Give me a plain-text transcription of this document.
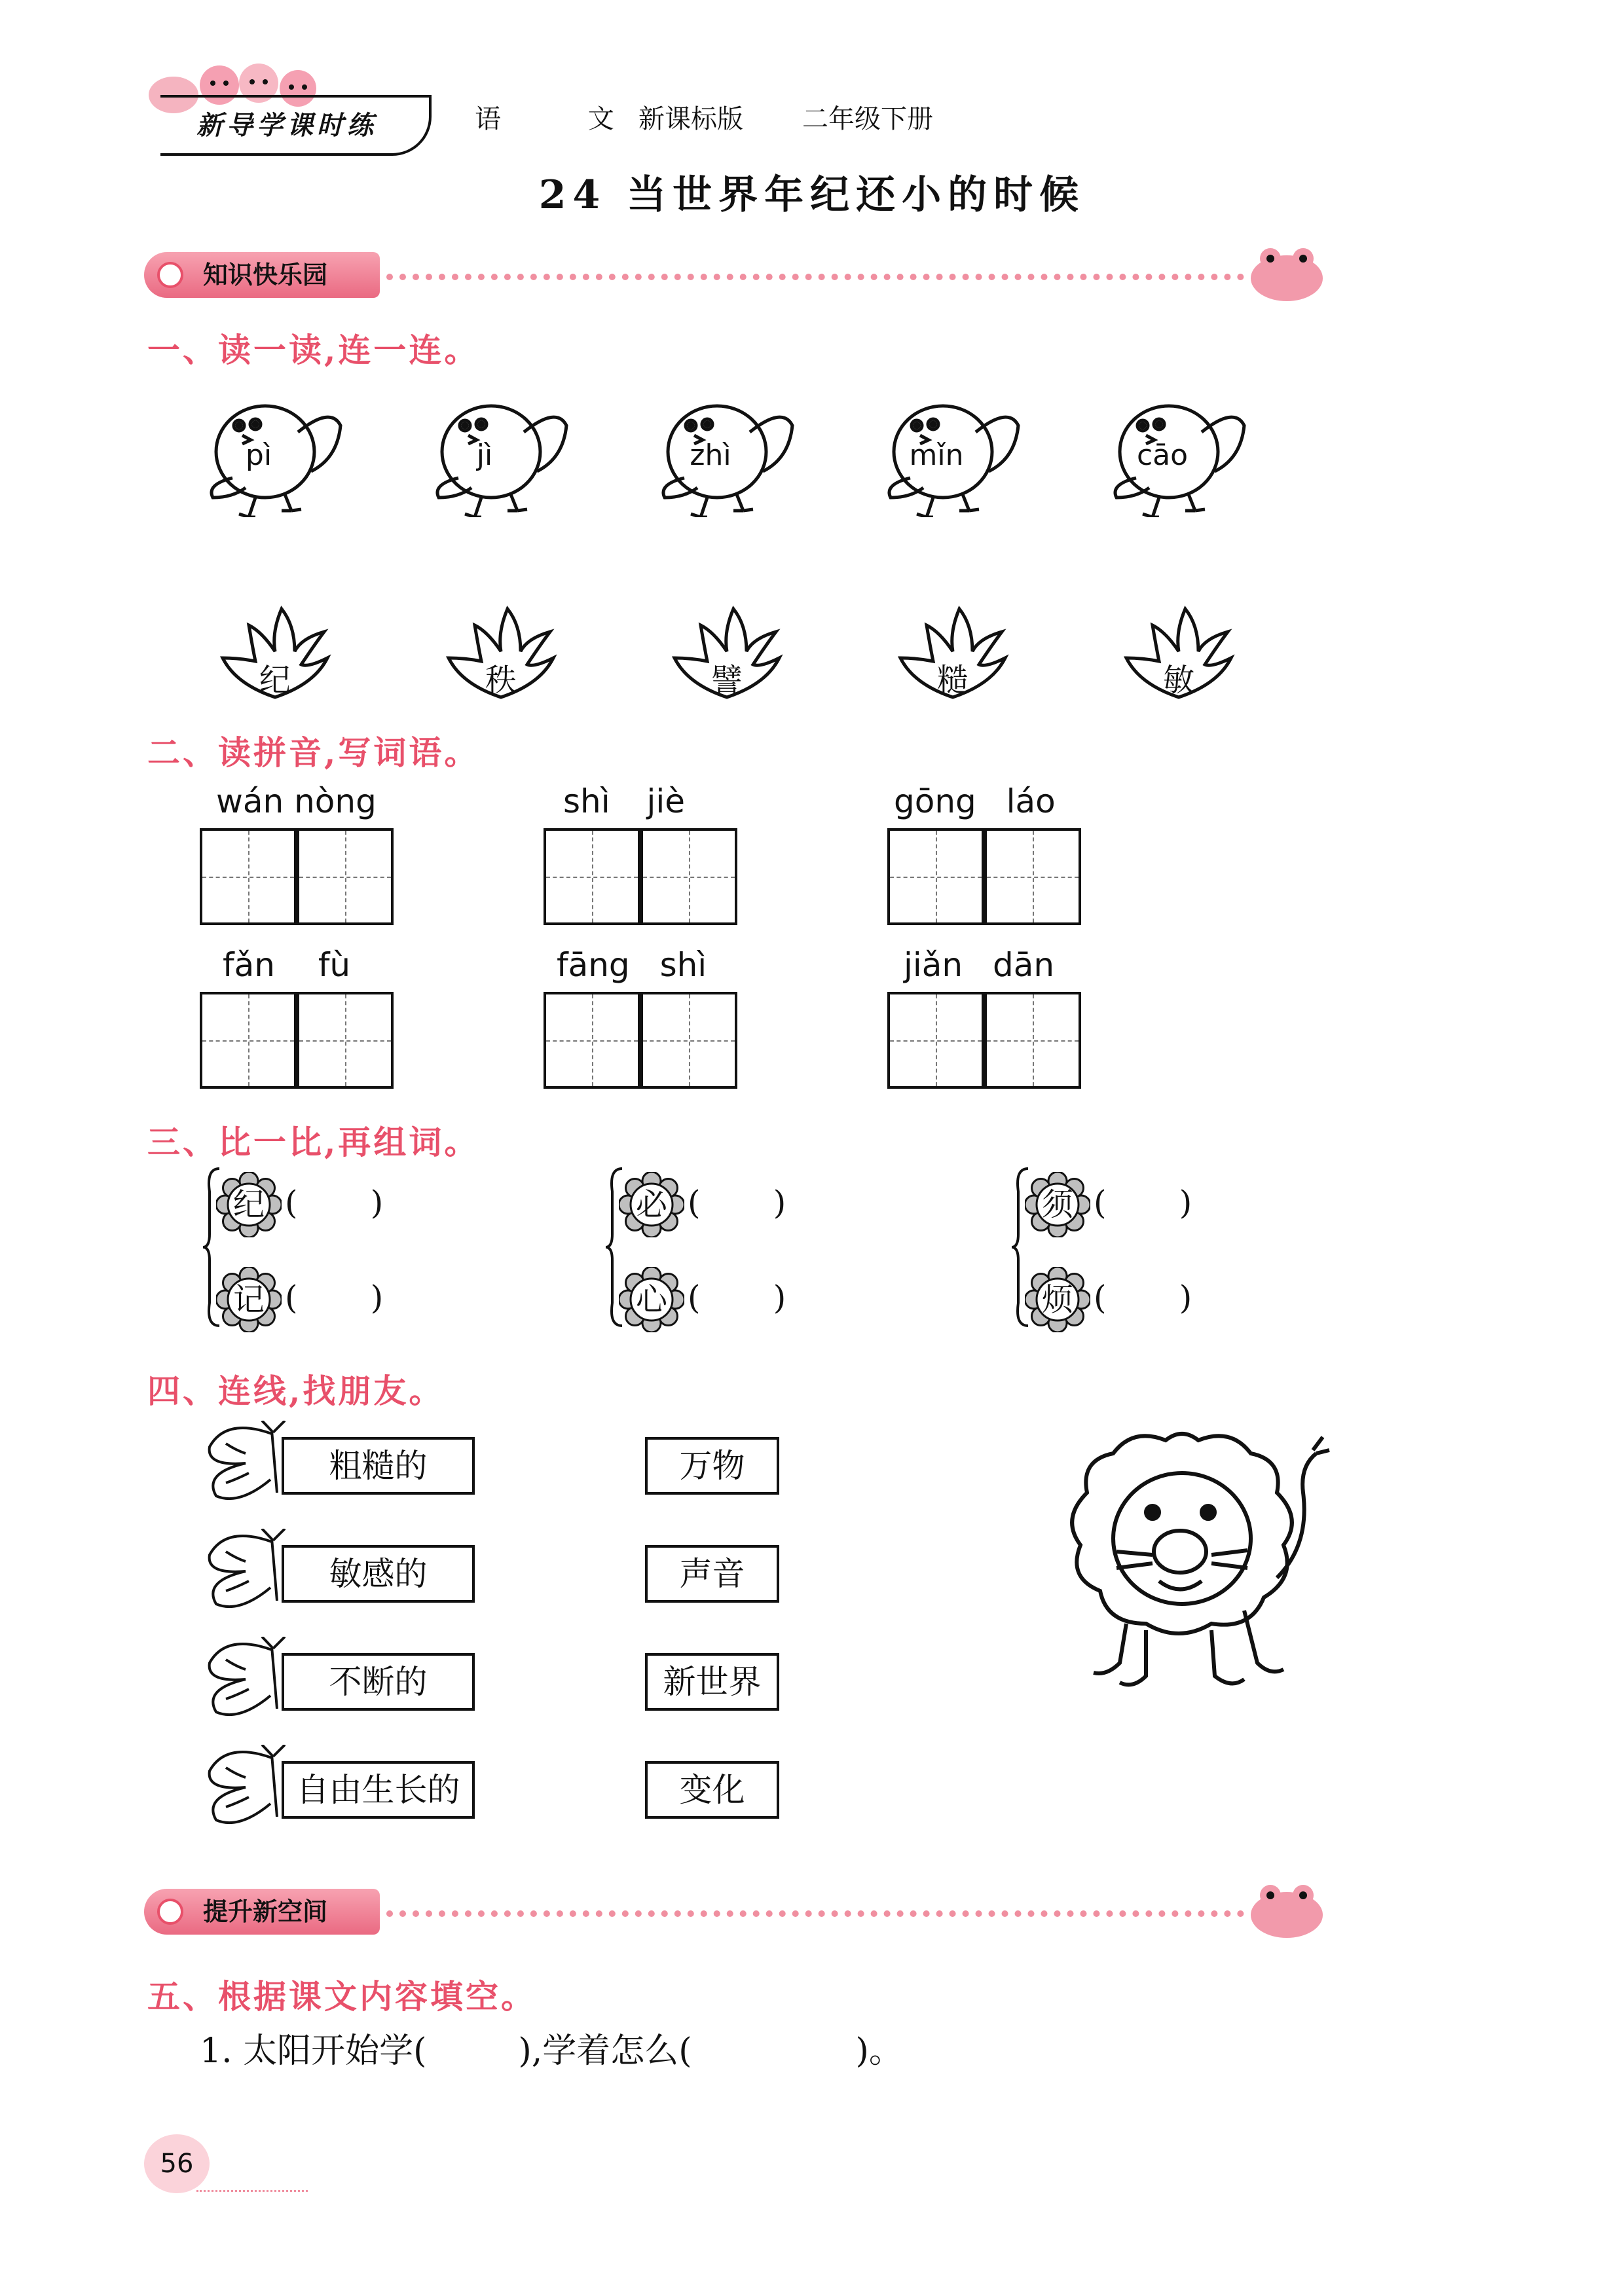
新导学课时练	语 文
新课标版 二年级下册
24 当世界年纪还小的时候
知识快乐园
一、读一读,连一连。
pì	jì	zhì	mǐn	cāo
纪	秩	譬	糙	敏
二、读拼音,写词语。
wán nòng	shì jiè	gōng láo
fǎn fù	fāng shì	jiǎn dān
三、比一比,再组词。
纪 (       )
记 (       )
必 (       )
心 (       )
须 (       )
烦 (       )
四、连线,找朋友。
粗糙的	万物
敏感的	声音
不断的	新世界
自由生长的	变化
提升新空间
五、根据课文内容填空。
1. 太阳开始学(	),学着怎么(	)。
56
